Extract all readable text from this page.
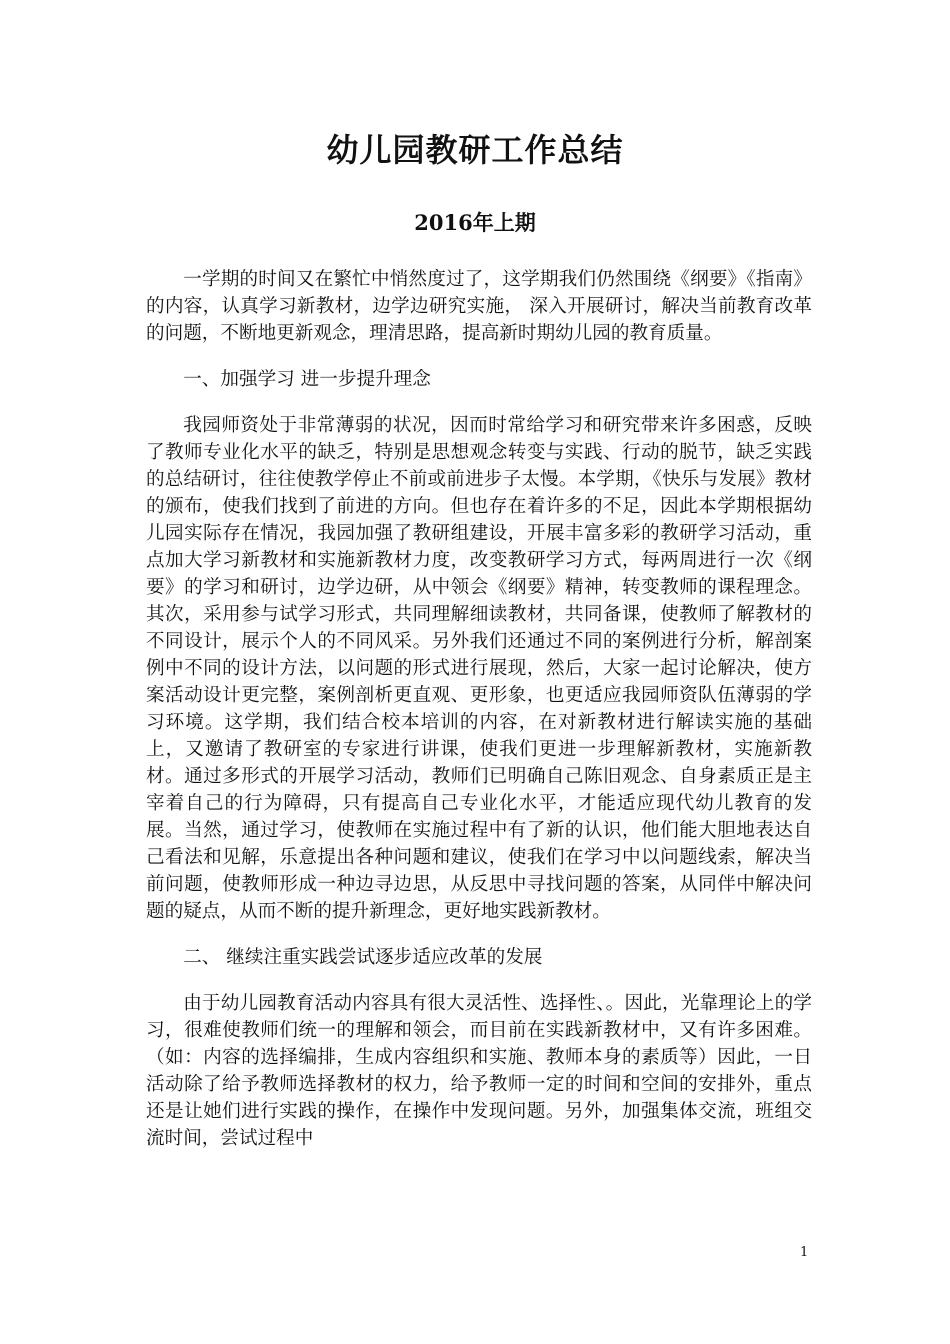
幼儿园教研工作总结
2016年上期

一学期的时间又在繁忙中悄然度过了，这学期我们仍然围绕《纲要》《指南》的内容，认真学习新教材，边学边研究实施， 深入开展研讨，解决当前教育改革的问题，不断地更新观念，理清思路，提高新时期幼儿园的教育质量。

一、加强学习 进一步提升理念

我园师资处于非常薄弱的状况，因而时常给学习和研究带来许多困惑，反映了教师专业化水平的缺乏，特别是思想观念转变与实践、行动的脱节，缺乏实践的总结研讨，往往使教学停止不前或前进步子太慢。本学期，《快乐与发展》教材的颁布，使我们找到了前进的方向。但也存在着许多的不足，因此本学期根据幼儿园实际存在情况，我园加强了教研组建设，开展丰富多彩的教研学习活动，重点加大学习新教材和实施新教材力度，改变教研学习方式，每两周进行一次《纲要》的学习和研讨，边学边研，从中领会《纲要》精神，转变教师的课程理念。其次，采用参与试学习形式，共同理解细读教材，共同备课，使教师了解教材的不同设计，展示个人的不同风采。另外我们还通过不同的案例进行分析，解剖案例中不同的设计方法，以问题的形式进行展现，然后，大家一起讨论解决，使方案活动设计更完整，案例剖析更直观、更形象，也更适应我园师资队伍薄弱的学习环境。这学期，我们结合校本培训的内容，在对新教材进行解读实施的基础上，又邀请了教研室的专家进行讲课，使我们更进一步理解新教材，实施新教材。通过多形式的开展学习活动，教师们已明确自己陈旧观念、自身素质正是主宰着自己的行为障碍，只有提高自己专业化水平，才能适应现代幼儿教育的发展。当然，通过学习，使教师在实施过程中有了新的认识，他们能大胆地表达自己看法和见解，乐意提出各种问题和建议，使我们在学习中以问题线索，解决当前问题，使教师形成一种边寻边思，从反思中寻找问题的答案，从同伴中解决问题的疑点，从而不断的提升新理念，更好地实践新教材。

二、 继续注重实践尝试逐步适应改革的发展

由于幼儿园教育活动内容具有很大灵活性、选择性、。因此，光靠理论上的学习，很难使教师们统一的理解和领会，而目前在实践新教材中，又有许多困难。（如：内容的选择编排，生成内容组织和实施、教师本身的素质等）因此，一日活动除了给予教师选择教材的权力，给予教师一定的时间和空间的安排外，重点还是让她们进行实践的操作，在操作中发现问题。另外，加强集体交流，班组交流时间，尝试过程中

1
